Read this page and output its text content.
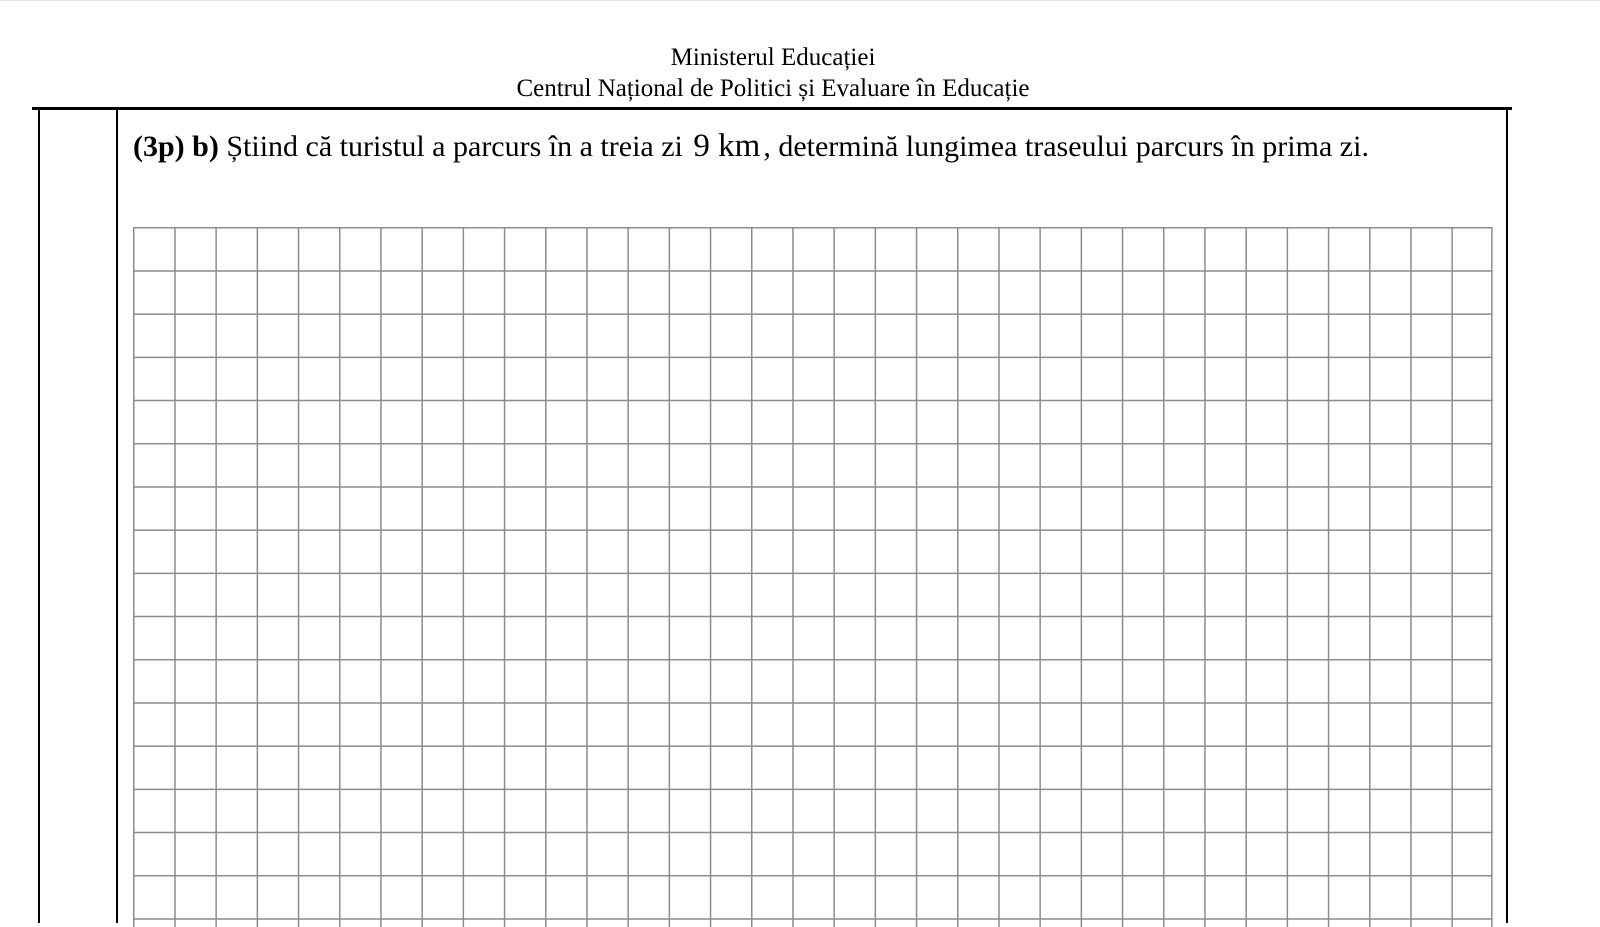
Ministerul Educației
Centrul Național de Politici și Evaluare în Educație
(3p) b) Știind că turistul a parcurs în a treia zi 9 km , determină lungimea traseului parcurs în prima zi.
